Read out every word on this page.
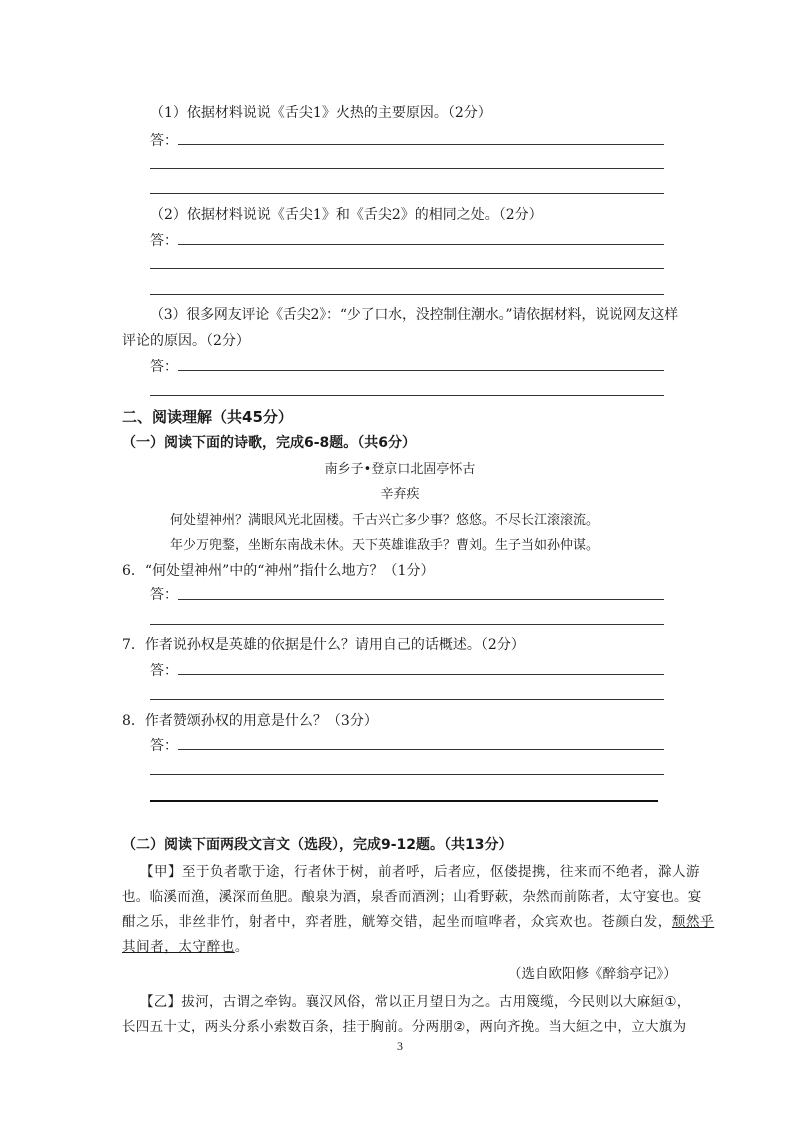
（1）依据材料说说《舌尖1》火热的主要原因。（2分）
答：
（2）依据材料说说《舌尖1》和《舌尖2》的相同之处。（2分）
答：
（3）很多网友评论《舌尖2》：“少了口水，没控制住潮水。”请依据材料，说说网友这样
评论的原因。（2分）
答：
二、阅读理解（共45分）
（一）阅读下面的诗歌，完成6-8题。（共6分）
南乡子•登京口北固亭怀古
辛弃疾
何处望神州？满眼风光北固楼。千古兴亡多少事？悠悠。不尽长江滚滚流。
年少万兜鍪，坐断东南战未休。天下英雄谁敌手？曹刘。生子当如孙仲谋。
6．“何处望神州”中的“神州”指什么地方？（1分）
答：
7．作者说孙权是英雄的依据是什么？请用自己的话概述。（2分）
答：
8．作者赞颂孙权的用意是什么？（3分）
答：
（二）阅读下面两段文言文（选段），完成9-12题。（共13分）
【甲】至于负者歌于途，行者休于树，前者呼，后者应，伛偻提携，往来而不绝者，滁人游
也。临溪而渔，溪深而鱼肥。酿泉为酒，泉香而酒洌；山肴野蔌，杂然而前陈者，太守宴也。宴
酣之乐，非丝非竹，射者中，弈者胜，觥筹交错，起坐而喧哗者，众宾欢也。苍颜白发，颓然乎
其间者，太守醉也。
（选自欧阳修《醉翁亭记》）
【乙】拔河，古谓之牵钩。襄汉风俗，常以正月望日为之。古用篾缆，今民则以大麻絙①，
长四五十丈，两头分系小索数百条，挂于胸前。分两朋②，两向齐挽。当大絙之中，立大旗为
3
